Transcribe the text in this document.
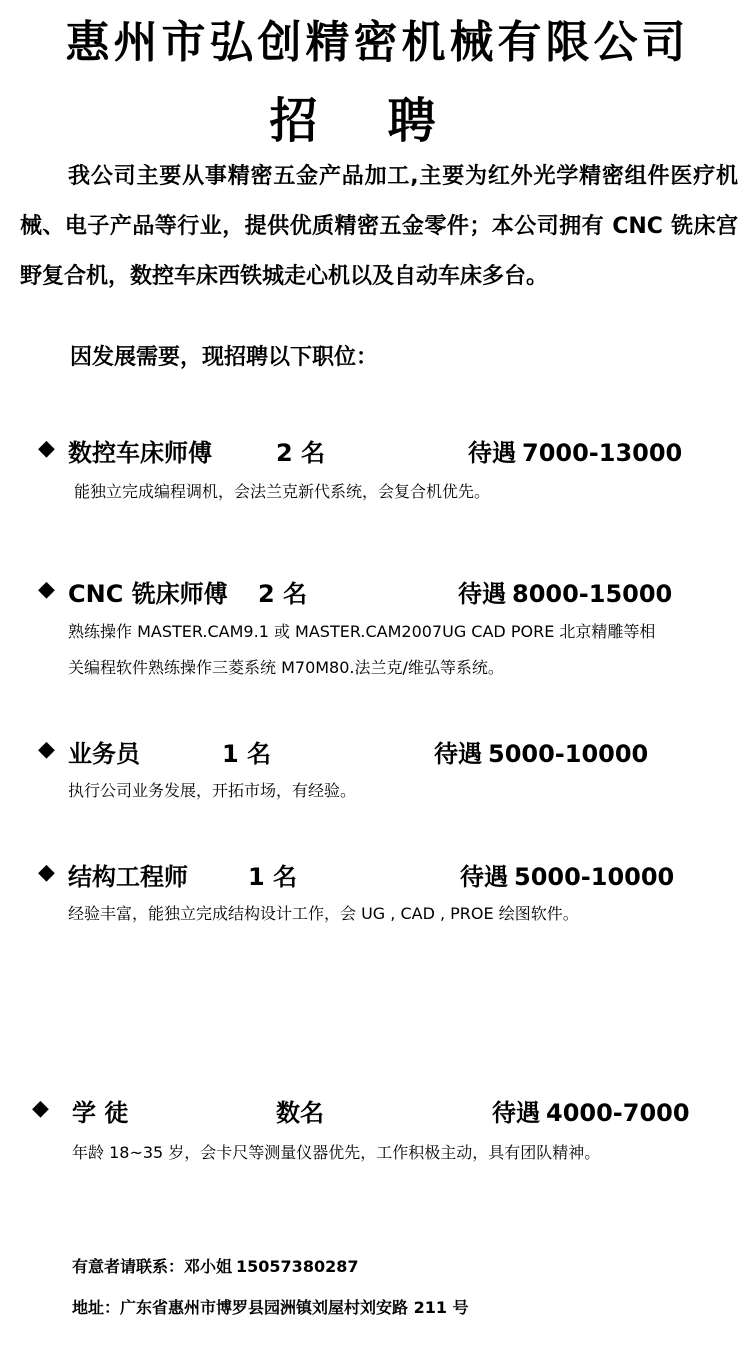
惠州市弘创精密机械有限公司
招聘
我公司主要从事精密五金产品加工,主要为红外光学精密组件医疗机械、电子产品等行业，提供优质精密五金零件；本公司拥有 CNC 铣床宫野复合机，数控车床西铁城走心机以及自动车床多台。
因发展需要，现招聘以下职位：
◆ 数控车床师傅	2 名	待遇 7000-13000
能独立完成编程调机，会法兰克新代系统，会复合机优先。
◆ CNC 铣床师傅 2 名	待遇 8000-15000
熟练操作 MASTER.CAM9.1 或 MASTER.CAM2007UG CAD PORE 北京精雕等相
关编程软件熟练操作三菱系统 M70M80.法兰克/维弘等系统。
◆ 业务员	1 名	待遇 5000-10000
执行公司业务发展，开拓市场，有经验。
◆ 结构工程师	1 名	待遇 5000-10000
经验丰富，能独立完成结构设计工作，会 UG , CAD , PROE 绘图软件。
◆ 学 徒	数名	待遇 4000-7000
年龄 18~35 岁，会卡尺等测量仪器优先，工作积极主动，具有团队精神。
有意者请联系：邓小姐 15057380287
地址：广东省惠州市博罗县园洲镇刘屋村刘安路 211 号
